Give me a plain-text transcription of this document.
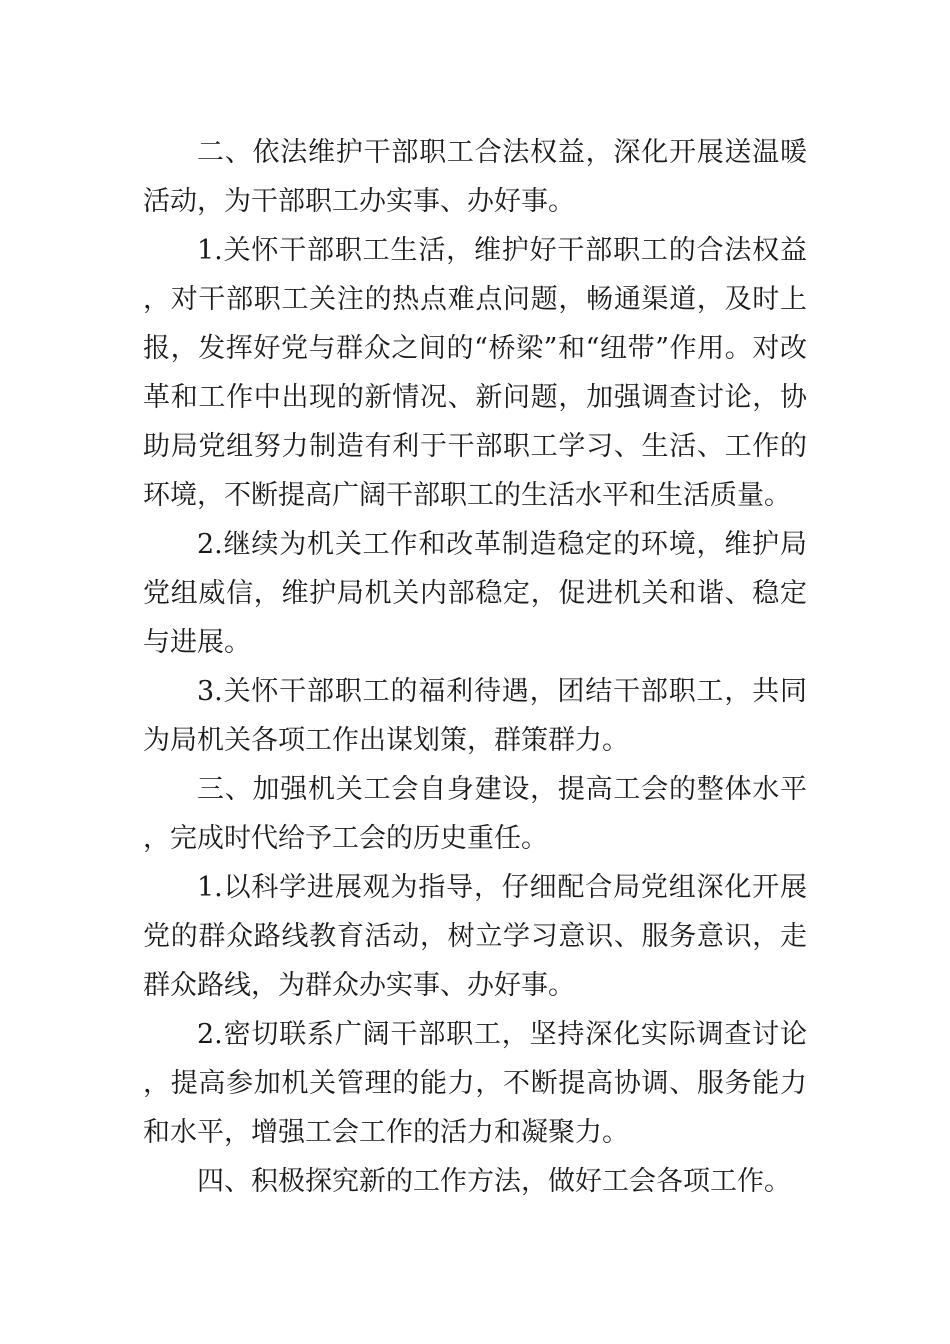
二、依法维护干部职工合法权益，深化开展送温暖活动，为干部职工办实事、办好事。

1.关怀干部职工生活，维护好干部职工的合法权益，对干部职工关注的热点难点问题，畅通渠道，及时上报，发挥好党与群众之间的“桥梁”和“纽带”作用。对改革和工作中出现的新情况、新问题，加强调查讨论，协助局党组努力制造有利于干部职工学习、生活、工作的环境，不断提高广阔干部职工的生活水平和生活质量。

2.继续为机关工作和改革制造稳定的环境，维护局党组威信，维护局机关内部稳定，促进机关和谐、稳定与进展。

3.关怀干部职工的福利待遇，团结干部职工，共同为局机关各项工作出谋划策，群策群力。

三、加强机关工会自身建设，提高工会的整体水平，完成时代给予工会的历史重任。

1.以科学进展观为指导，仔细配合局党组深化开展党的群众路线教育活动，树立学习意识、服务意识，走群众路线，为群众办实事、办好事。

2.密切联系广阔干部职工，坚持深化实际调查讨论，提高参加机关管理的能力，不断提高协调、服务能力和水平，增强工会工作的活力和凝聚力。

四、积极探究新的工作方法，做好工会各项工作。
